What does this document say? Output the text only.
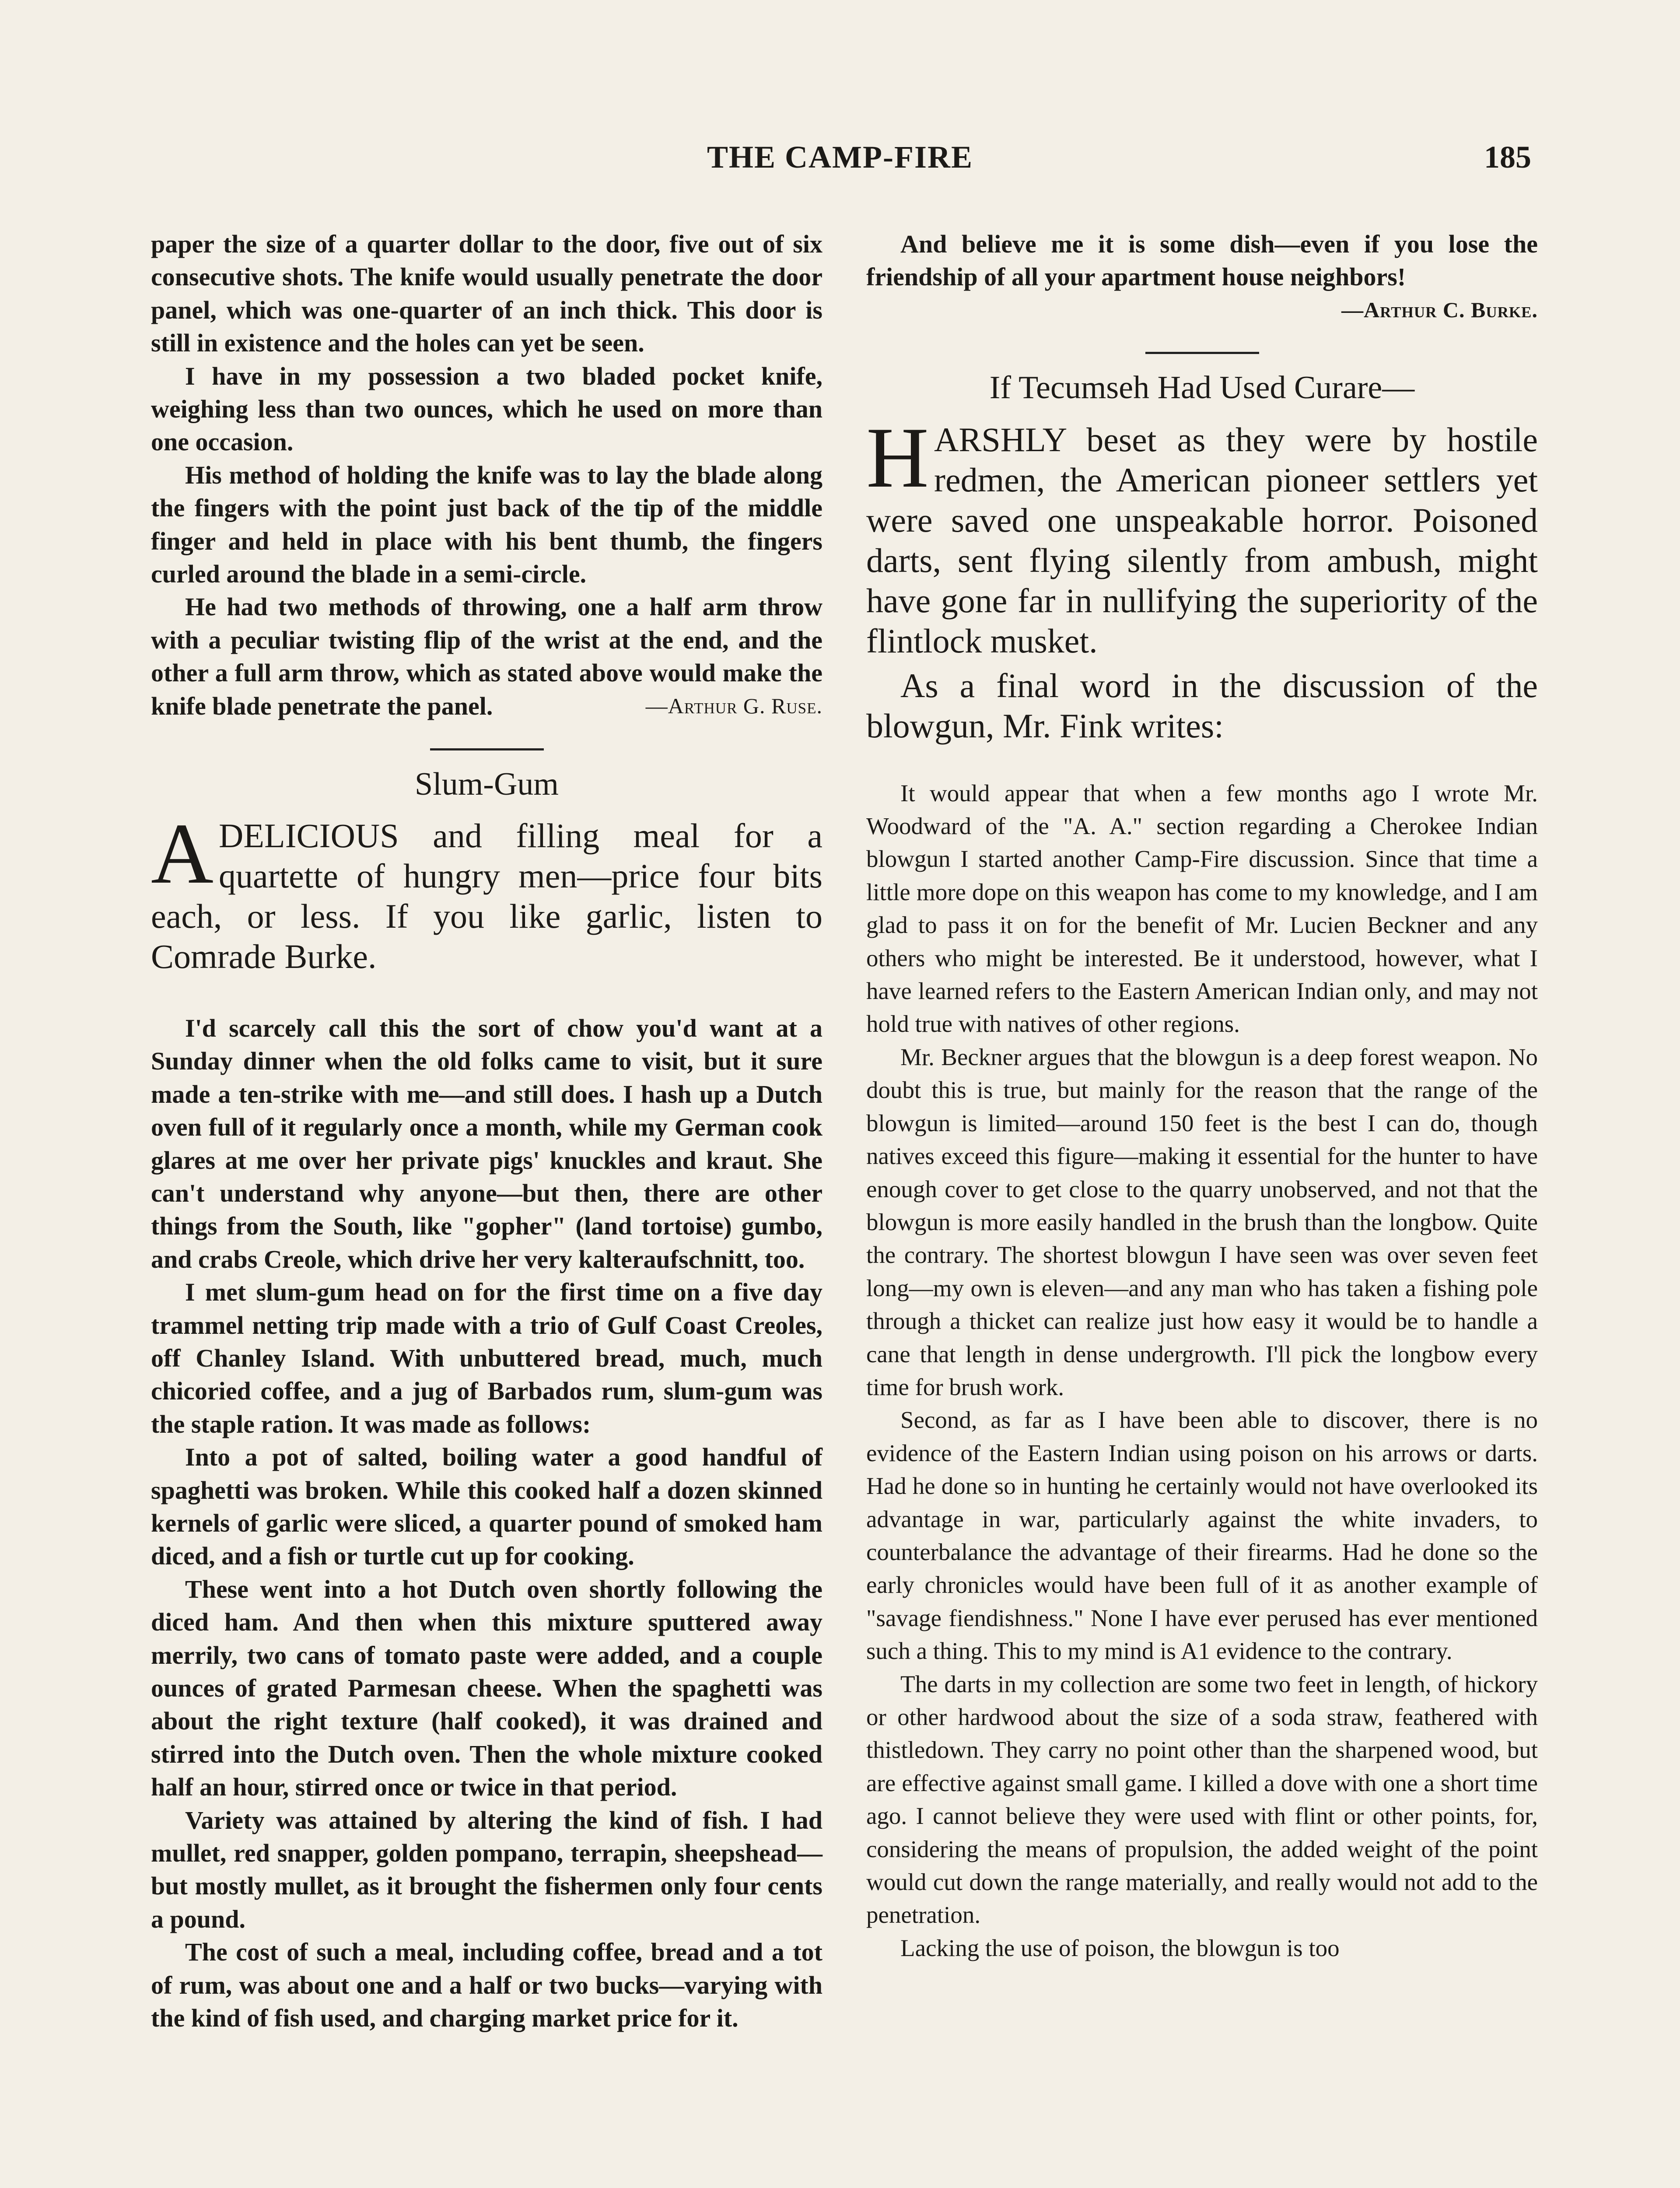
THE CAMP-FIRE	185

paper the size of a quarter dollar to the door, five out of six consecutive shots. The knife would usually penetrate the door panel, which was one-quarter of an inch thick. This door is still in existence and the holes can yet be seen.

I have in my possession a two bladed pocket knife, weighing less than two ounces, which he used on more than one occasion.

His method of holding the knife was to lay the blade along the fingers with the point just back of the tip of the middle finger and held in place with his bent thumb, the fingers curled around the blade in a semi-circle.

He had two methods of throwing, one a half arm throw with a peculiar twisting flip of the wrist at the end, and the other a full arm throw, which as stated above would make the knife blade penetrate the panel.	—Arthur G. Ruse.

Slum-Gum
A DELICIOUS and filling meal for a quartette of hungry men—price four bits each, or less. If you like garlic, listen to Comrade Burke.

I'd scarcely call this the sort of chow you'd want at a Sunday dinner when the old folks came to visit, but it sure made a ten-strike with me—and still does. I hash up a Dutch oven full of it regularly once a month, while my German cook glares at me over her private pigs' knuckles and kraut. She can't understand why anyone—but then, there are other things from the South, like "gopher" (land tortoise) gumbo, and crabs Creole, which drive her very kalteraufschnitt, too.

I met slum-gum head on for the first time on a five day trammel netting trip made with a trio of Gulf Coast Creoles, off Chanley Island. With unbuttered bread, much, much chicoried coffee, and a jug of Barbados rum, slum-gum was the staple ration. It was made as follows:

Into a pot of salted, boiling water a good handful of spaghetti was broken. While this cooked half a dozen skinned kernels of garlic were sliced, a quarter pound of smoked ham diced, and a fish or turtle cut up for cooking.

These went into a hot Dutch oven shortly following the diced ham. And then when this mixture sputtered away merrily, two cans of tomato paste were added, and a couple ounces of grated Parmesan cheese. When the spaghetti was about the right texture (half cooked), it was drained and stirred into the Dutch oven. Then the whole mixture cooked half an hour, stirred once or twice in that period.

Variety was attained by altering the kind of fish. I had mullet, red snapper, golden pompano, terrapin, sheepshead—but mostly mullet, as it brought the fishermen only four cents a pound.

The cost of such a meal, including coffee, bread and a tot of rum, was about one and a half or two bucks—varying with the kind of fish used, and charging market price for it.

And believe me it is some dish—even if you lose the friendship of all your apartment house neighbors!

—Arthur C. Burke.

If Tecumseh Had Used Curare—
H ARSHLY beset as they were by hostile redmen, the American pioneer settlers yet were saved one unspeakable horror. Poisoned darts, sent flying silently from ambush, might have gone far in nullifying the superiority of the flintlock musket.
As a final word in the discussion of the blowgun, Mr. Fink writes:

It would appear that when a few months ago I wrote Mr. Woodward of the "A. A." section regarding a Cherokee Indian blowgun I started another Camp-Fire discussion. Since that time a little more dope on this weapon has come to my knowledge, and I am glad to pass it on for the benefit of Mr. Lucien Beckner and any others who might be interested. Be it understood, however, what I have learned refers to the Eastern American Indian only, and may not hold true with natives of other regions.

Mr. Beckner argues that the blowgun is a deep forest weapon. No doubt this is true, but mainly for the reason that the range of the blowgun is limited—around 150 feet is the best I can do, though natives exceed this figure—making it essential for the hunter to have enough cover to get close to the quarry unobserved, and not that the blowgun is more easily handled in the brush than the longbow. Quite the contrary. The shortest blowgun I have seen was over seven feet long—my own is eleven—and any man who has taken a fishing pole through a thicket can realize just how easy it would be to handle a cane that length in dense undergrowth. I'll pick the longbow every time for brush work.

Second, as far as I have been able to discover, there is no evidence of the Eastern Indian using poison on his arrows or darts. Had he done so in hunting he certainly would not have overlooked its advantage in war, particularly against the white invaders, to counterbalance the advantage of their firearms. Had he done so the early chronicles would have been full of it as another example of "savage fiendishness." None I have ever perused has ever mentioned such a thing. This to my mind is A1 evidence to the contrary.

The darts in my collection are some two feet in length, of hickory or other hardwood about the size of a soda straw, feathered with thistledown. They carry no point other than the sharpened wood, but are effective against small game. I killed a dove with one a short time ago. I cannot believe they were used with flint or other points, for, considering the means of propulsion, the added weight of the point would cut down the range materially, and really would not add to the penetration.

Lacking the use of poison, the blowgun is too
